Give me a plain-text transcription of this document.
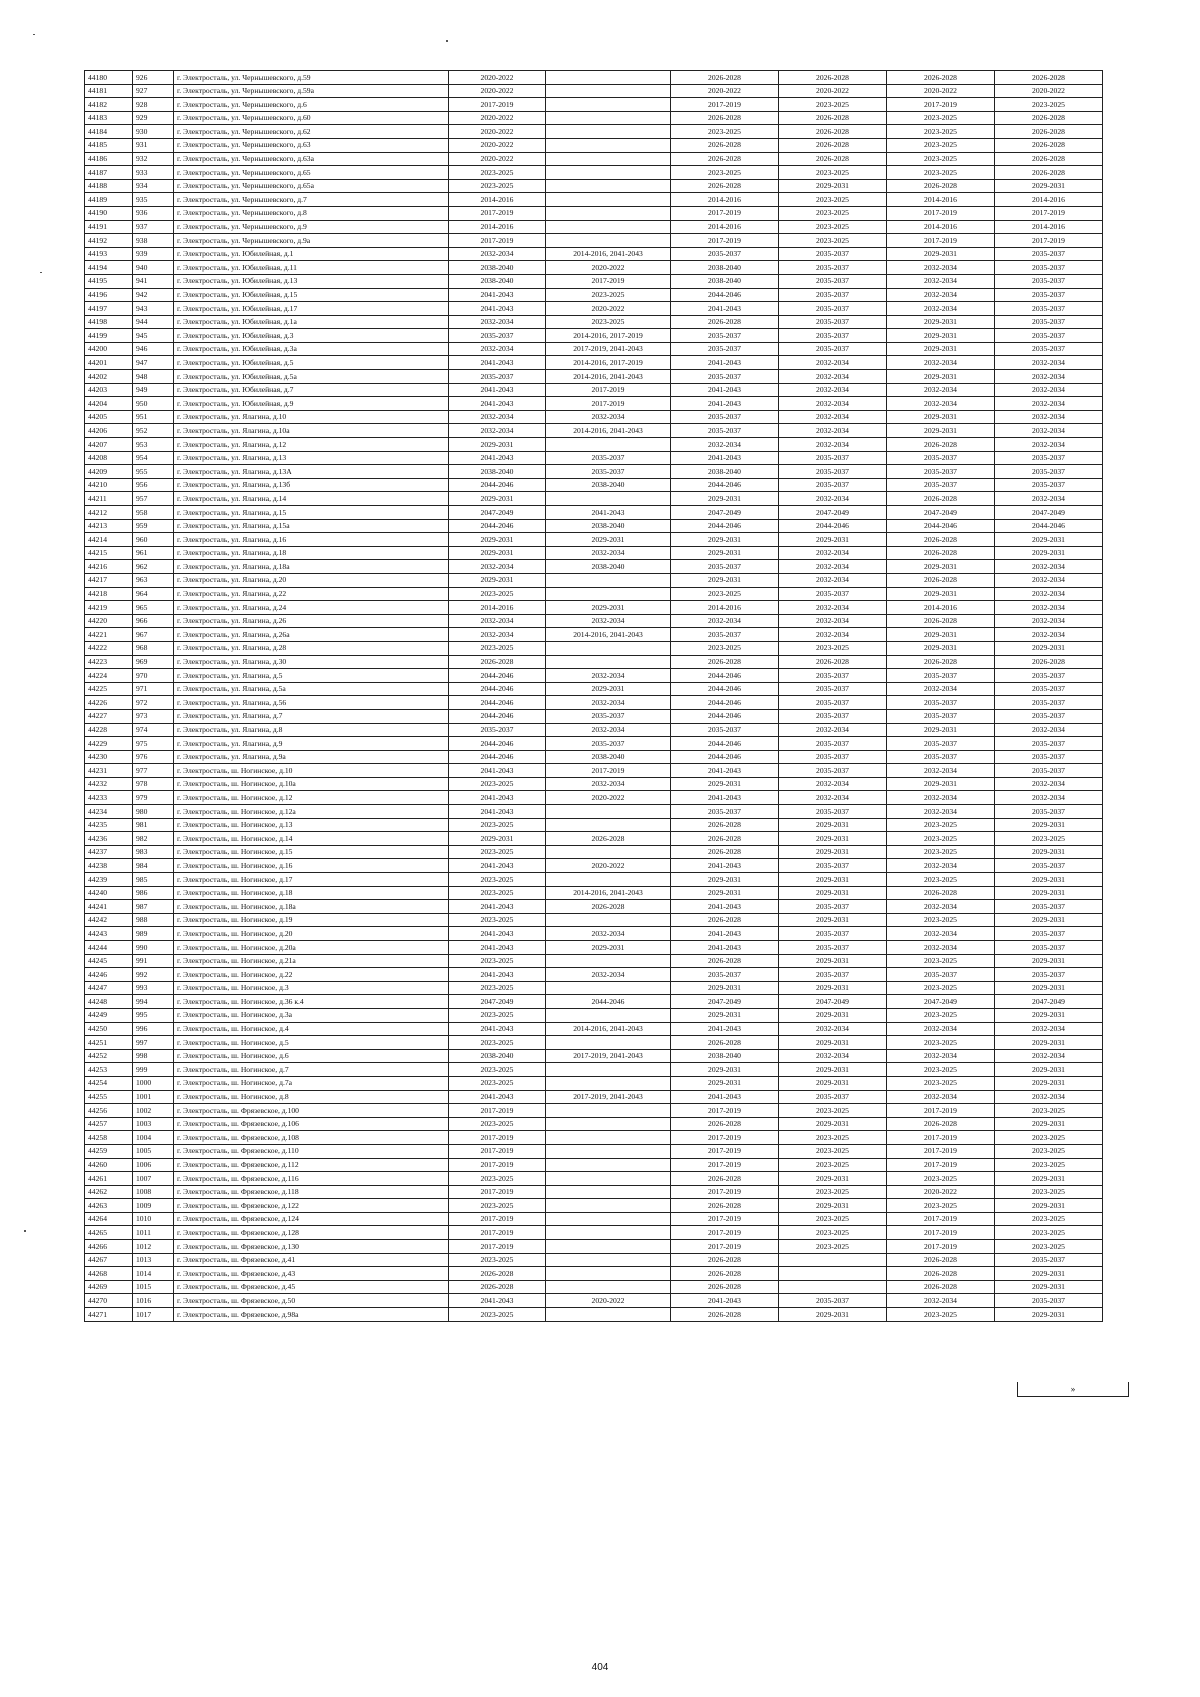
44180	926	г. Электросталь, ул. Чернышевского, д.59	2020-2022		2026-2028	2026-2028	2026-2028	2026-2028
44181	927	г. Электросталь, ул. Чернышевского, д.59а	2020-2022		2020-2022	2020-2022	2020-2022	2020-2022
44182	928	г. Электросталь, ул. Чернышевского, д.6	2017-2019		2017-2019	2023-2025	2017-2019	2023-2025
44183	929	г. Электросталь, ул. Чернышевского, д.60	2020-2022		2026-2028	2026-2028	2023-2025	2026-2028
44184	930	г. Электросталь, ул. Чернышевского, д.62	2020-2022		2023-2025	2026-2028	2023-2025	2026-2028
44185	931	г. Электросталь, ул. Чернышевского, д.63	2020-2022		2026-2028	2026-2028	2023-2025	2026-2028
44186	932	г. Электросталь, ул. Чернышевского, д.63а	2020-2022		2026-2028	2026-2028	2023-2025	2026-2028
44187	933	г. Электросталь, ул. Чернышевского, д.65	2023-2025		2023-2025	2023-2025	2023-2025	2026-2028
44188	934	г. Электросталь, ул. Чернышевского, д.65а	2023-2025		2026-2028	2029-2031	2026-2028	2029-2031
44189	935	г. Электросталь, ул. Чернышевского, д.7	2014-2016		2014-2016	2023-2025	2014-2016	2014-2016
44190	936	г. Электросталь, ул. Чернышевского, д.8	2017-2019		2017-2019	2023-2025	2017-2019	2017-2019
44191	937	г. Электросталь, ул. Чернышевского, д.9	2014-2016		2014-2016	2023-2025	2014-2016	2014-2016
44192	938	г. Электросталь, ул. Чернышевского, д.9а	2017-2019		2017-2019	2023-2025	2017-2019	2017-2019
44193	939	г. Электросталь, ул. Юбилейная, д.1	2032-2034	2014-2016, 2041-2043	2035-2037	2035-2037	2029-2031	2035-2037
44194	940	г. Электросталь, ул. Юбилейная, д.11	2038-2040	2020-2022	2038-2040	2035-2037	2032-2034	2035-2037
44195	941	г. Электросталь, ул. Юбилейная, д.13	2038-2040	2017-2019	2038-2040	2035-2037	2032-2034	2035-2037
44196	942	г. Электросталь, ул. Юбилейная, д.15	2041-2043	2023-2025	2044-2046	2035-2037	2032-2034	2035-2037
44197	943	г. Электросталь, ул. Юбилейная, д.17	2041-2043	2020-2022	2041-2043	2035-2037	2032-2034	2035-2037
44198	944	г. Электросталь, ул. Юбилейная, д.1а	2032-2034	2023-2025	2026-2028	2035-2037	2029-2031	2035-2037
44199	945	г. Электросталь, ул. Юбилейная, д.3	2035-2037	2014-2016, 2017-2019	2035-2037	2035-2037	2029-2031	2035-2037
44200	946	г. Электросталь, ул. Юбилейная, д.3а	2032-2034	2017-2019, 2041-2043	2035-2037	2035-2037	2029-2031	2035-2037
44201	947	г. Электросталь, ул. Юбилейная, д.5	2041-2043	2014-2016, 2017-2019	2041-2043	2032-2034	2032-2034	2032-2034
44202	948	г. Электросталь, ул. Юбилейная, д.5а	2035-2037	2014-2016, 2041-2043	2035-2037	2032-2034	2029-2031	2032-2034
44203	949	г. Электросталь, ул. Юбилейная, д.7	2041-2043	2017-2019	2041-2043	2032-2034	2032-2034	2032-2034
44204	950	г. Электросталь, ул. Юбилейная, д.9	2041-2043	2017-2019	2041-2043	2032-2034	2032-2034	2032-2034
44205	951	г. Электросталь, ул. Ялагина, д.10	2032-2034	2032-2034	2035-2037	2032-2034	2029-2031	2032-2034
44206	952	г. Электросталь, ул. Ялагина, д.10а	2032-2034	2014-2016, 2041-2043	2035-2037	2032-2034	2029-2031	2032-2034
44207	953	г. Электросталь, ул. Ялагина, д.12	2029-2031		2032-2034	2032-2034	2026-2028	2032-2034
44208	954	г. Электросталь, ул. Ялагина, д.13	2041-2043	2035-2037	2041-2043	2035-2037	2035-2037	2035-2037
44209	955	г. Электросталь, ул. Ялагина, д.13А	2038-2040	2035-2037	2038-2040	2035-2037	2035-2037	2035-2037
44210	956	г. Электросталь, ул. Ялагина, д.13б	2044-2046	2038-2040	2044-2046	2035-2037	2035-2037	2035-2037
44211	957	г. Электросталь, ул. Ялагина, д.14	2029-2031		2029-2031	2032-2034	2026-2028	2032-2034
44212	958	г. Электросталь, ул. Ялагина, д.15	2047-2049	2041-2043	2047-2049	2047-2049	2047-2049	2047-2049
44213	959	г. Электросталь, ул. Ялагина, д.15а	2044-2046	2038-2040	2044-2046	2044-2046	2044-2046	2044-2046
44214	960	г. Электросталь, ул. Ялагина, д.16	2029-2031	2029-2031	2029-2031	2029-2031	2026-2028	2029-2031
44215	961	г. Электросталь, ул. Ялагина, д.18	2029-2031	2032-2034	2029-2031	2032-2034	2026-2028	2029-2031
44216	962	г. Электросталь, ул. Ялагина, д.18а	2032-2034	2038-2040	2035-2037	2032-2034	2029-2031	2032-2034
44217	963	г. Электросталь, ул. Ялагина, д.20	2029-2031		2029-2031	2032-2034	2026-2028	2032-2034
44218	964	г. Электросталь, ул. Ялагина, д.22	2023-2025		2023-2025	2035-2037	2029-2031	2032-2034
44219	965	г. Электросталь, ул. Ялагина, д.24	2014-2016	2029-2031	2014-2016	2032-2034	2014-2016	2032-2034
44220	966	г. Электросталь, ул. Ялагина, д.26	2032-2034	2032-2034	2032-2034	2032-2034	2026-2028	2032-2034
44221	967	г. Электросталь, ул. Ялагина, д.26а	2032-2034	2014-2016, 2041-2043	2035-2037	2032-2034	2029-2031	2032-2034
44222	968	г. Электросталь, ул. Ялагина, д.28	2023-2025		2023-2025	2023-2025	2029-2031	2029-2031
44223	969	г. Электросталь, ул. Ялагина, д.30	2026-2028		2026-2028	2026-2028	2026-2028	2026-2028
44224	970	г. Электросталь, ул. Ялагина, д.5	2044-2046	2032-2034	2044-2046	2035-2037	2035-2037	2035-2037
44225	971	г. Электросталь, ул. Ялагина, д.5а	2044-2046	2029-2031	2044-2046	2035-2037	2032-2034	2035-2037
44226	972	г. Электросталь, ул. Ялагина, д.56	2044-2046	2032-2034	2044-2046	2035-2037	2035-2037	2035-2037
44227	973	г. Электросталь, ул. Ялагина, д.7	2044-2046	2035-2037	2044-2046	2035-2037	2035-2037	2035-2037
44228	974	г. Электросталь, ул. Ялагина, д.8	2035-2037	2032-2034	2035-2037	2032-2034	2029-2031	2032-2034
44229	975	г. Электросталь, ул. Ялагина, д.9	2044-2046	2035-2037	2044-2046	2035-2037	2035-2037	2035-2037
44230	976	г. Электросталь, ул. Ялагина, д.9а	2044-2046	2038-2040	2044-2046	2035-2037	2035-2037	2035-2037
44231	977	г. Электросталь, ш. Ногинское, д.10	2041-2043	2017-2019	2041-2043	2035-2037	2032-2034	2035-2037
44232	978	г. Электросталь, ш. Ногинское, д.10а	2023-2025	2032-2034	2029-2031	2032-2034	2029-2031	2032-2034
44233	979	г. Электросталь, ш. Ногинское, д.12	2041-2043	2020-2022	2041-2043	2032-2034	2032-2034	2032-2034
44234	980	г. Электросталь, ш. Ногинское, д.12а	2041-2043		2035-2037	2035-2037	2032-2034	2035-2037
44235	981	г. Электросталь, ш. Ногинское, д.13	2023-2025		2026-2028	2029-2031	2023-2025	2029-2031
44236	982	г. Электросталь, ш. Ногинское, д.14	2029-2031	2026-2028	2026-2028	2029-2031	2023-2025	2023-2025
44237	983	г. Электросталь, ш. Ногинское, д.15	2023-2025		2026-2028	2029-2031	2023-2025	2029-2031
44238	984	г. Электросталь, ш. Ногинское, д.16	2041-2043	2020-2022	2041-2043	2035-2037	2032-2034	2035-2037
44239	985	г. Электросталь, ш. Ногинское, д.17	2023-2025		2029-2031	2029-2031	2023-2025	2029-2031
44240	986	г. Электросталь, ш. Ногинское, д.18	2023-2025	2014-2016, 2041-2043	2029-2031	2029-2031	2026-2028	2029-2031
44241	987	г. Электросталь, ш. Ногинское, д.18а	2041-2043	2026-2028	2041-2043	2035-2037	2032-2034	2035-2037
44242	988	г. Электросталь, ш. Ногинское, д.19	2023-2025		2026-2028	2029-2031	2023-2025	2029-2031
44243	989	г. Электросталь, ш. Ногинское, д.20	2041-2043	2032-2034	2041-2043	2035-2037	2032-2034	2035-2037
44244	990	г. Электросталь, ш. Ногинское, д.20а	2041-2043	2029-2031	2041-2043	2035-2037	2032-2034	2035-2037
44245	991	г. Электросталь, ш. Ногинское, д.21а	2023-2025		2026-2028	2029-2031	2023-2025	2029-2031
44246	992	г. Электросталь, ш. Ногинское, д.22	2041-2043	2032-2034	2035-2037	2035-2037	2035-2037	2035-2037
44247	993	г. Электросталь, ш. Ногинское, д.3	2023-2025		2029-2031	2029-2031	2023-2025	2029-2031
44248	994	г. Электросталь, ш. Ногинское, д.36 к.4	2047-2049	2044-2046	2047-2049	2047-2049	2047-2049	2047-2049
44249	995	г. Электросталь, ш. Ногинское, д.3а	2023-2025		2029-2031	2029-2031	2023-2025	2029-2031
44250	996	г. Электросталь, ш. Ногинское, д.4	2041-2043	2014-2016, 2041-2043	2041-2043	2032-2034	2032-2034	2032-2034
44251	997	г. Электросталь, ш. Ногинское, д.5	2023-2025		2026-2028	2029-2031	2023-2025	2029-2031
44252	998	г. Электросталь, ш. Ногинское, д.6	2038-2040	2017-2019, 2041-2043	2038-2040	2032-2034	2032-2034	2032-2034
44253	999	г. Электросталь, ш. Ногинское, д.7	2023-2025		2029-2031	2029-2031	2023-2025	2029-2031
44254	1000	г. Электросталь, ш. Ногинское, д.7а	2023-2025		2029-2031	2029-2031	2023-2025	2029-2031
44255	1001	г. Электросталь, ш. Ногинское, д.8	2041-2043	2017-2019, 2041-2043	2041-2043	2035-2037	2032-2034	2032-2034
44256	1002	г. Электросталь, ш. Фрязевское, д.100	2017-2019		2017-2019	2023-2025	2017-2019	2023-2025
44257	1003	г. Электросталь, ш. Фрязевское, д.106	2023-2025		2026-2028	2029-2031	2026-2028	2029-2031
44258	1004	г. Электросталь, ш. Фрязевское, д.108	2017-2019		2017-2019	2023-2025	2017-2019	2023-2025
44259	1005	г. Электросталь, ш. Фрязевское, д.110	2017-2019		2017-2019	2023-2025	2017-2019	2023-2025
44260	1006	г. Электросталь, ш. Фрязевское, д.112	2017-2019		2017-2019	2023-2025	2017-2019	2023-2025
44261	1007	г. Электросталь, ш. Фрязевское, д.116	2023-2025		2026-2028	2029-2031	2023-2025	2029-2031
44262	1008	г. Электросталь, ш. Фрязевское, д.118	2017-2019		2017-2019	2023-2025	2020-2022	2023-2025
44263	1009	г. Электросталь, ш. Фрязевское, д.122	2023-2025		2026-2028	2029-2031	2023-2025	2029-2031
44264	1010	г. Электросталь, ш. Фрязевское, д.124	2017-2019		2017-2019	2023-2025	2017-2019	2023-2025
44265	1011	г. Электросталь, ш. Фрязевское, д.128	2017-2019		2017-2019	2023-2025	2017-2019	2023-2025
44266	1012	г. Электросталь, ш. Фрязевское, д.130	2017-2019		2017-2019	2023-2025	2017-2019	2023-2025
44267	1013	г. Электросталь, ш. Фрязевское, д.41	2023-2025		2026-2028		2026-2028	2035-2037
44268	1014	г. Электросталь, ш. Фрязевское, д.43	2026-2028		2026-2028		2026-2028	2029-2031
44269	1015	г. Электросталь, ш. Фрязевское, д.45	2026-2028		2026-2028		2026-2028	2029-2031
44270	1016	г. Электросталь, ш. Фрязевское, д.50	2041-2043	2020-2022	2041-2043	2035-2037	2032-2034	2035-2037
44271	1017	г. Электросталь, ш. Фрязевское, д.98а	2023-2025		2026-2028	2029-2031	2023-2025	2029-2031
»
404
